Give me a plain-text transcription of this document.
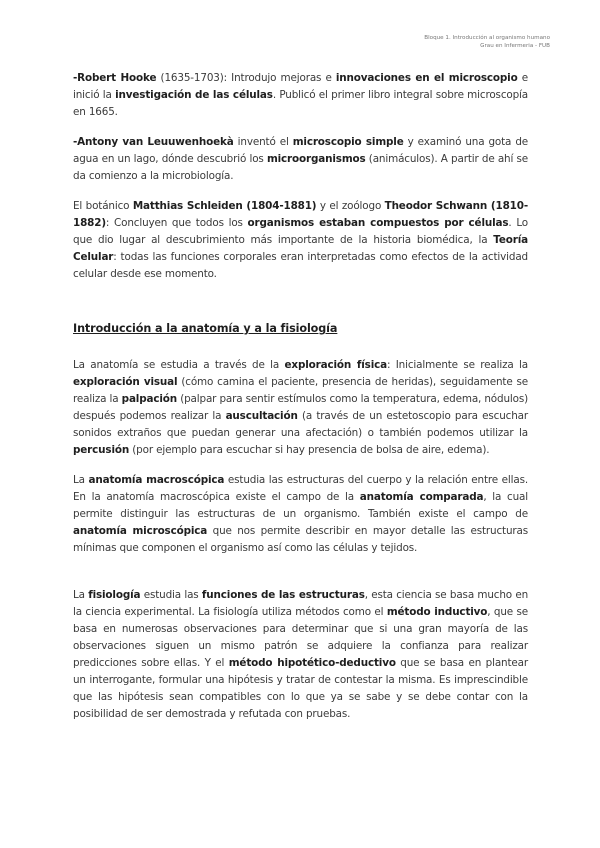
Bloque 1. Introducción al organismo humano
Grau en Infermeria - FUB

-Robert Hooke (1635-1703): Introdujo mejoras e innovaciones en el microscopio e inició la investigación de las células. Publicó el primer libro integral sobre microscopía en 1665.

-Antony van Leuuwenhoekà inventó el microscopio simple y examinó una gota de agua en un lago, dónde descubrió los microorganismos (animáculos). A partir de ahí se da comienzo a la microbiología.

El botánico Matthias Schleiden (1804-1881) y el zoólogo Theodor Schwann (1810-1882): Concluyen que todos los organismos estaban compuestos por células. Lo que dio lugar al descubrimiento más importante de la historia biomédica, la Teoría Celular: todas las funciones corporales eran interpretadas como efectos de la actividad celular desde ese momento.

Introducción a la anatomía y a la fisiología

La anatomía se estudia a través de la exploración física: Inicialmente se realiza la exploración visual (cómo camina el paciente, presencia de heridas), seguidamente se realiza la palpación (palpar para sentir estímulos como la temperatura, edema, nódulos) después podemos realizar la auscultación (a través de un estetoscopio para escuchar sonidos extraños que puedan generar una afectación) o también podemos utilizar la percusión (por ejemplo para escuchar si hay presencia de bolsa de aire, edema).

La anatomía macroscópica estudia las estructuras del cuerpo y la relación entre ellas. En la anatomía macroscópica existe el campo de la anatomía comparada, la cual permite distinguir las estructuras de un organismo. También existe el campo de anatomía microscópica que nos permite describir en mayor detalle las estructuras mínimas que componen el organismo así como las células y tejidos.

La fisiología estudia las funciones de las estructuras, esta ciencia se basa mucho en la ciencia experimental. La fisiología utiliza métodos como el método inductivo, que se basa en numerosas observaciones para determinar que si una gran mayoría de las observaciones siguen un mismo patrón se adquiere la confianza para realizar predicciones sobre ellas. Y el método hipotético-deductivo que se basa en plantear un interrogante, formular una hipótesis y tratar de contestar la misma. Es imprescindible que las hipótesis sean compatibles con lo que ya se sabe y se debe contar con la posibilidad de ser demostrada y refutada con pruebas.
